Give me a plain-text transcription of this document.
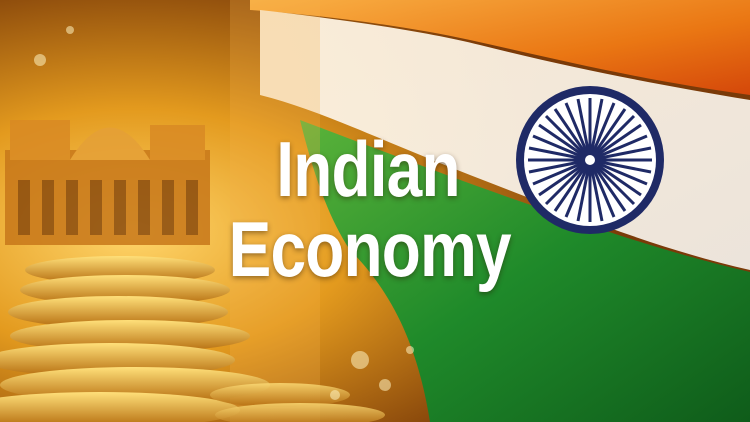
Indian
Economy
